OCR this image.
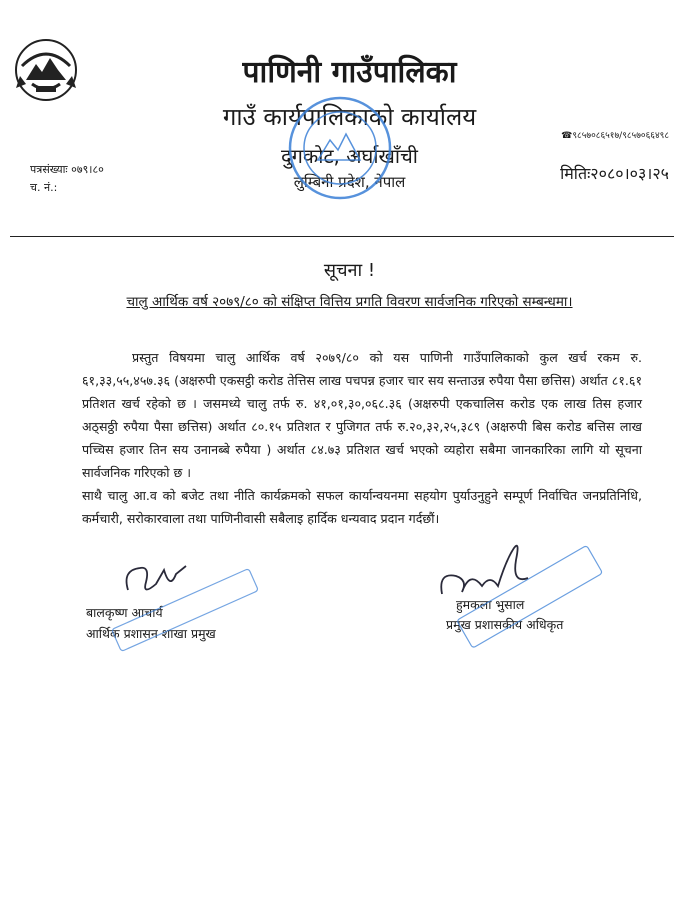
पाणिनी गाउँपालिका
गाउँ कार्यपालिकाको कार्यालय
दुगकोट, अर्घाखाँची
लुम्बिनी प्रदेश, नेपाल
☎९८५७०८६५१७/९८५७०६६४९८
मितिः२०८०।०३।२५
पत्रसंख्याः ०७९।८०
च. नं.:
सूचना !
चालु आर्थिक वर्ष २०७९/८० को संक्षिप्त वित्तिय प्रगति विवरण सार्वजनिक गरिएको सम्बन्धमा।

प्रस्तुत विषयमा चालु आर्थिक वर्ष २०७९/८० को यस पाणिनी गाउँपालिकाको कुल खर्च रकम रु. ६१,३३,५५,४५७.३६ (अक्षरुपी एकसट्ठी करोड तेत्तिस लाख पचपन्न हजार चार सय सन्ताउन्न रुपैया पैसा छत्तिस) अर्थात ८१.६१ प्रतिशत खर्च रहेको छ । जसमध्ये चालु तर्फ रु. ४१,०१,३०,०६८.३६ (अक्षरुपी एकचालिस करोड एक लाख तिस हजार अठ्सठ्ठी रुपैया पैसा छत्तिस) अर्थात ८०.१५ प्रतिशत र पुजिगत तर्फ रु.२०,३२,२५,३८९ (अक्षरुपी बिस करोड बत्तिस लाख पच्चिस हजार तिन सय उनानब्बे रुपैया ) अर्थात ८४.७३ प्रतिशत खर्च भएको व्यहोरा सबैमा जानकारिका लागि यो सूचना सार्वजनिक गरिएको छ ।

साथै चालु आ.व को बजेट तथा नीति कार्यक्रमको सफल कार्यान्वयनमा सहयोग पुर्याउनुहुने सम्पूर्ण निर्वाचित जनप्रतिनिधि, कर्मचारी, सरोकारवाला तथा पाणिनीवासी सबैलाइ हार्दिक धन्यवाद प्रदान गर्दछौं।

बालकृष्ण आचार्य
आर्थिक प्रशासन शाखा प्रमुख
हुमकला भुसाल
प्रमुख प्रशासकीय अधिकृत
